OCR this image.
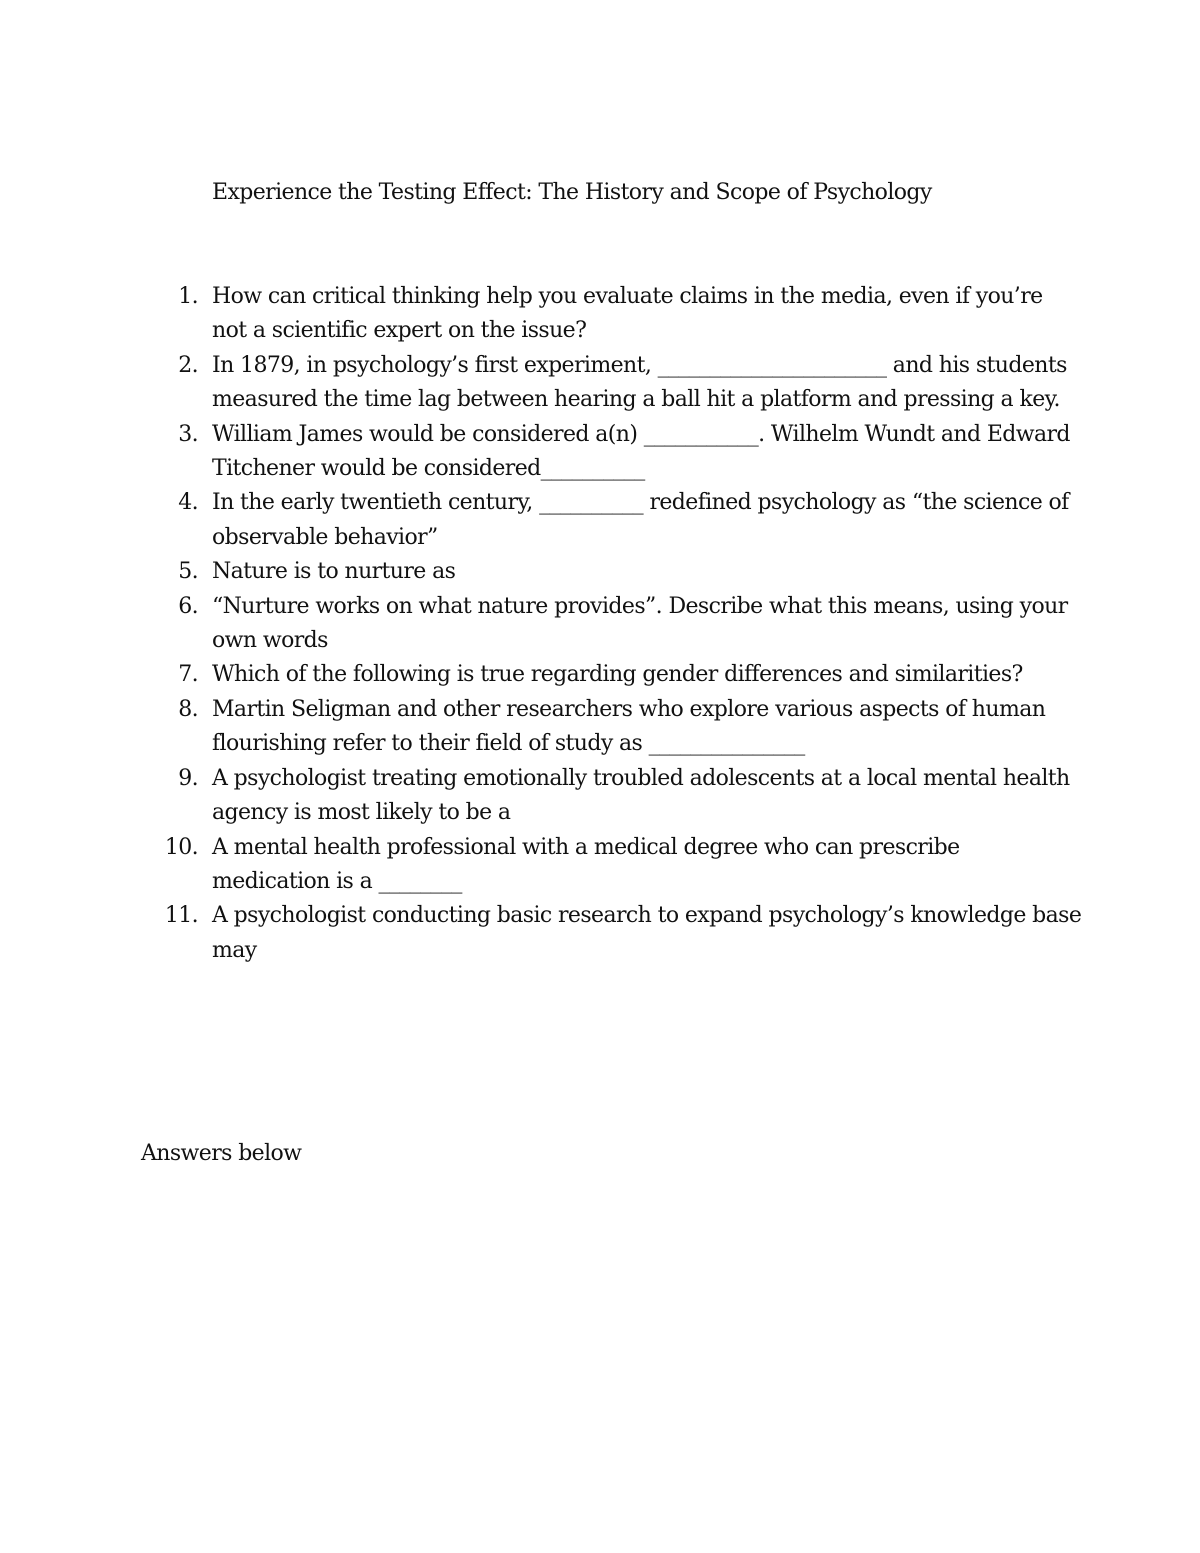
Experience the Testing Effect: The History and Scope of Psychology
1. How can critical thinking help you evaluate claims in the media, even if you’re not a scientific expert on the issue?
2. In 1879, in psychology’s first experiment, ______________________ and his students measured the time lag between hearing a ball hit a platform and pressing a key.
3. William James would be considered a(n) ___________. Wilhelm Wundt and Edward Titchener would be considered__________
4. In the early twentieth century, __________ redefined psychology as “the science of observable behavior”
5. Nature is to nurture as
6. “Nurture works on what nature provides”. Describe what this means, using your own words
7. Which of the following is true regarding gender differences and similarities?
8. Martin Seligman and other researchers who explore various aspects of human flourishing refer to their field of study as _______________
9. A psychologist treating emotionally troubled adolescents at a local mental health agency is most likely to be a
10. A mental health professional with a medical degree who can prescribe medication is a ________
11. A psychologist conducting basic research to expand psychology’s knowledge base may
Answers below
